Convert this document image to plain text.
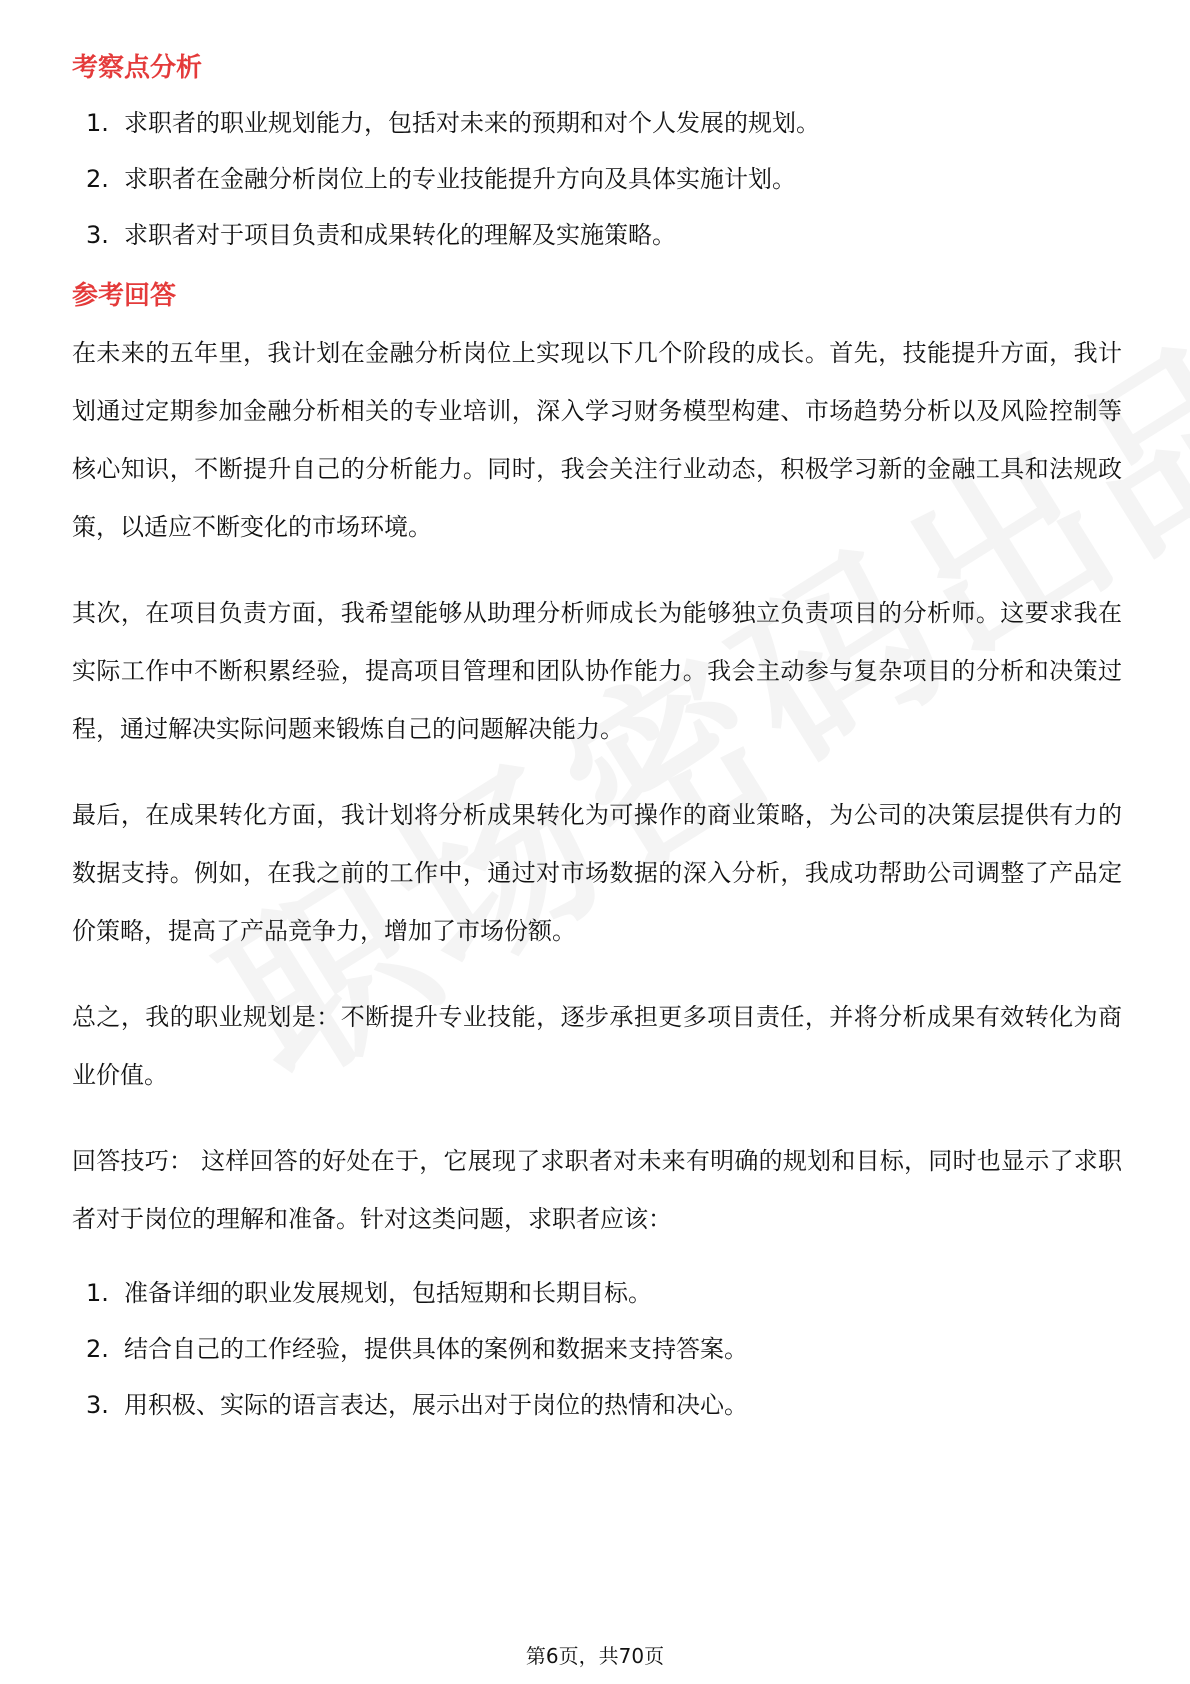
考察点分析
1. 求职者的职业规划能力，包括对未来的预期和对个人发展的规划。
2. 求职者在金融分析岗位上的专业技能提升方向及具体实施计划。
3. 求职者对于项目负责和成果转化的理解及实施策略。
参考回答

在未来的五年里，我计划在金融分析岗位上实现以下几个阶段的成长。首先，技能提升方面，我计划通过定期参加金融分析相关的专业培训，深入学习财务模型构建、市场趋势分析以及风险控制等核心知识，不断提升自己的分析能力。同时，我会关注行业动态，积极学习新的金融工具和法规政策，以适应不断变化的市场环境。

其次，在项目负责方面，我希望能够从助理分析师成长为能够独立负责项目的分析师。这要求我在实际工作中不断积累经验，提高项目管理和团队协作能力。我会主动参与复杂项目的分析和决策过程，通过解决实际问题来锻炼自己的问题解决能力。

最后，在成果转化方面，我计划将分析成果转化为可操作的商业策略，为公司的决策层提供有力的数据支持。例如，在我之前的工作中，通过对市场数据的深入分析，我成功帮助公司调整了产品定价策略，提高了产品竞争力，增加了市场份额。

总之，我的职业规划是：不断提升专业技能，逐步承担更多项目责任，并将分析成果有效转化为商业价值。

回答技巧： 这样回答的好处在于，它展现了求职者对未来有明确的规划和目标，同时也显示了求职者对于岗位的理解和准备。针对这类问题，求职者应该：

1. 准备详细的职业发展规划，包括短期和长期目标。
2. 结合自己的工作经验，提供具体的案例和数据来支持答案。
3. 用积极、实际的语言表达，展示出对于岗位的热情和决心。
第6页，共70页
